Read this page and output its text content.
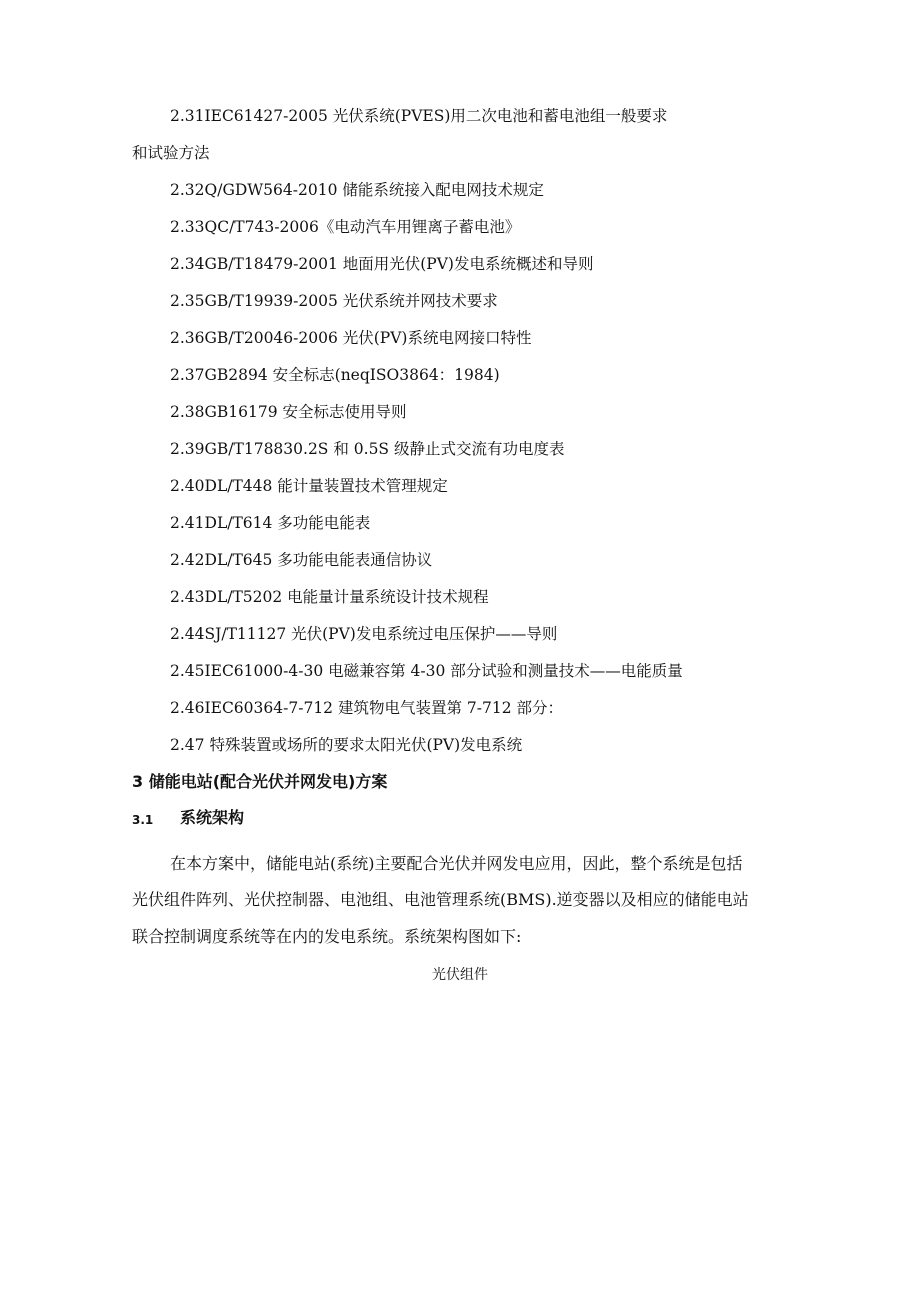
2.31IEC61427-2005 光伏系统(PVES)用二次电池和蓄电池组一般要求
和试验方法
2.32Q/GDW564-2010 储能系统接入配电网技术规定
2.33QC/T743-2006《电动汽车用锂离子蓄电池》
2.34GB/T18479-2001 地面用光伏(PV)发电系统概述和导则
2.35GB/T19939-2005 光伏系统并网技术要求
2.36GB/T20046-2006 光伏(PV)系统电网接口特性
2.37GB2894 安全标志(neqISO3864：1984)
2.38GB16179 安全标志使用导则
2.39GB/T178830.2S 和 0.5S 级静止式交流有功电度表
2.40DL/T448 能计量装置技术管理规定
2.41DL/T614 多功能电能表
2.42DL/T645 多功能电能表通信协议
2.43DL/T5202 电能量计量系统设计技术规程
2.44SJ/T11127 光伏(PV)发电系统过电压保护——导则
2.45IEC61000-4-30 电磁兼容第 4-30 部分试验和测量技术——电能质量
2.46IEC60364-7-712 建筑物电气装置第 7-712 部分：
2.47 特殊装置或场所的要求太阳光伏(PV)发电系统
3 储能电站(配合光伏并网发电)方案
3.1 系统架构
在本方案中，储能电站(系统)主要配合光伏并网发电应用，因此，整个系统是包括
光伏组件阵列、光伏控制器、电池组、电池管理系统(BMS).逆变器以及相应的储能电站
联合控制调度系统等在内的发电系统。系统架构图如下:
光伏组件
